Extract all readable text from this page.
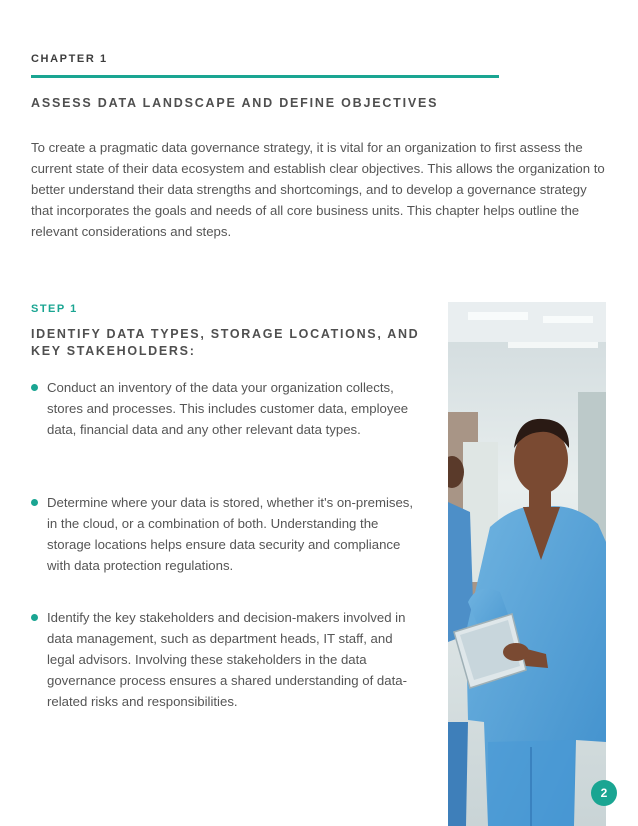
CHAPTER 1
ASSESS DATA LANDSCAPE AND DEFINE OBJECTIVES

To create a pragmatic data governance strategy, it is vital for an organization to first assess the current state of their data ecosystem and establish clear objectives. This allows the organization to better understand their data strengths and shortcomings, and to develop a governance strategy that incorporates the goals and needs of all core business units. This chapter helps outline the relevant considerations and steps.

STEP 1
IDENTIFY DATA TYPES, STORAGE LOCATIONS, AND KEY STAKEHOLDERS:
Conduct an inventory of the data your organization collects, stores and processes. This includes customer data, employee data, financial data and any other relevant data types.
Determine where your data is stored, whether it's on-premises, in the cloud, or a combination of both. Understanding the storage locations helps ensure data security and compliance with data protection regulations.
Identify the key stakeholders and decision-makers involved in data management, such as department heads, IT staff, and legal advisors. Involving these stakeholders in the data governance process ensures a shared understanding of data-related risks and responsibilities.
2
